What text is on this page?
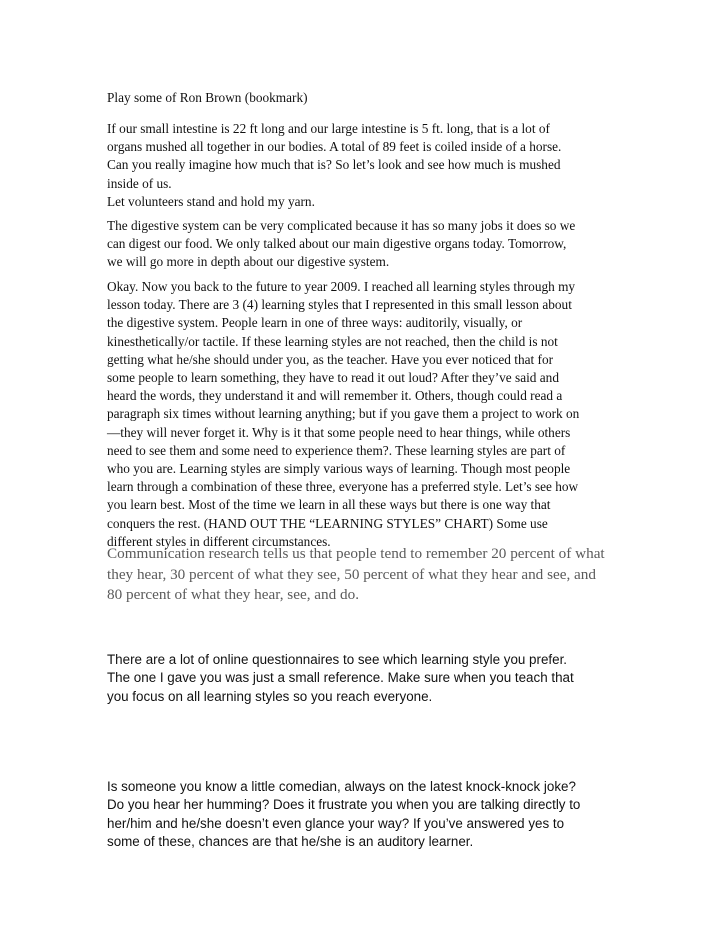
Play some of Ron Brown (bookmark)

If our small intestine is 22 ft long and our large intestine is 5 ft. long, that is a lot of
organs mushed all together in our bodies. A total of 89 feet is coiled inside of a horse.
Can you really imagine how much that is? So let’s look and see how much is mushed
inside of us.
Let volunteers stand and hold my yarn.

The digestive system can be very complicated because it has so many jobs it does so we
can digest our food. We only talked about our main digestive organs today. Tomorrow,
we will go more in depth about our digestive system.

Okay. Now you back to the future to year 2009. I reached all learning styles through my
lesson today. There are 3 (4) learning styles that I represented in this small lesson about
the digestive system. People learn in one of three ways: auditorily, visually, or
kinesthetically/or tactile. If these learning styles are not reached, then the child is not
getting what he/she should under you, as the teacher. Have you ever noticed that for
some people to learn something, they have to read it out loud? After they’ve said and
heard the words, they understand it and will remember it. Others, though could read a
paragraph six times without learning anything; but if you gave them a project to work on
—they will never forget it. Why is it that some people need to hear things, while others
need to see them and some need to experience them?. These learning styles are part of
who you are. Learning styles are simply various ways of learning. Though most people
learn through a combination of these three, everyone has a preferred style. Let’s see how
you learn best. Most of the time we learn in all these ways but there is one way that
conquers the rest. (HAND OUT THE “LEARNING STYLES” CHART) Some use
different styles in different circumstances.

Communication research tells us that people tend to remember 20 percent of what
they hear, 30 percent of what they see, 50 percent of what they hear and see, and
80 percent of what they hear, see, and do.

There are a lot of online questionnaires to see which learning style you prefer.
The one I gave you was just a small reference. Make sure when you teach that
you focus on all learning styles so you reach everyone.

Is someone you know a little comedian, always on the latest knock-knock joke?
Do you hear her humming? Does it frustrate you when you are talking directly to
her/him and he/she doesn’t even glance your way? If you’ve answered yes to
some of these, chances are that he/she is an auditory learner.
